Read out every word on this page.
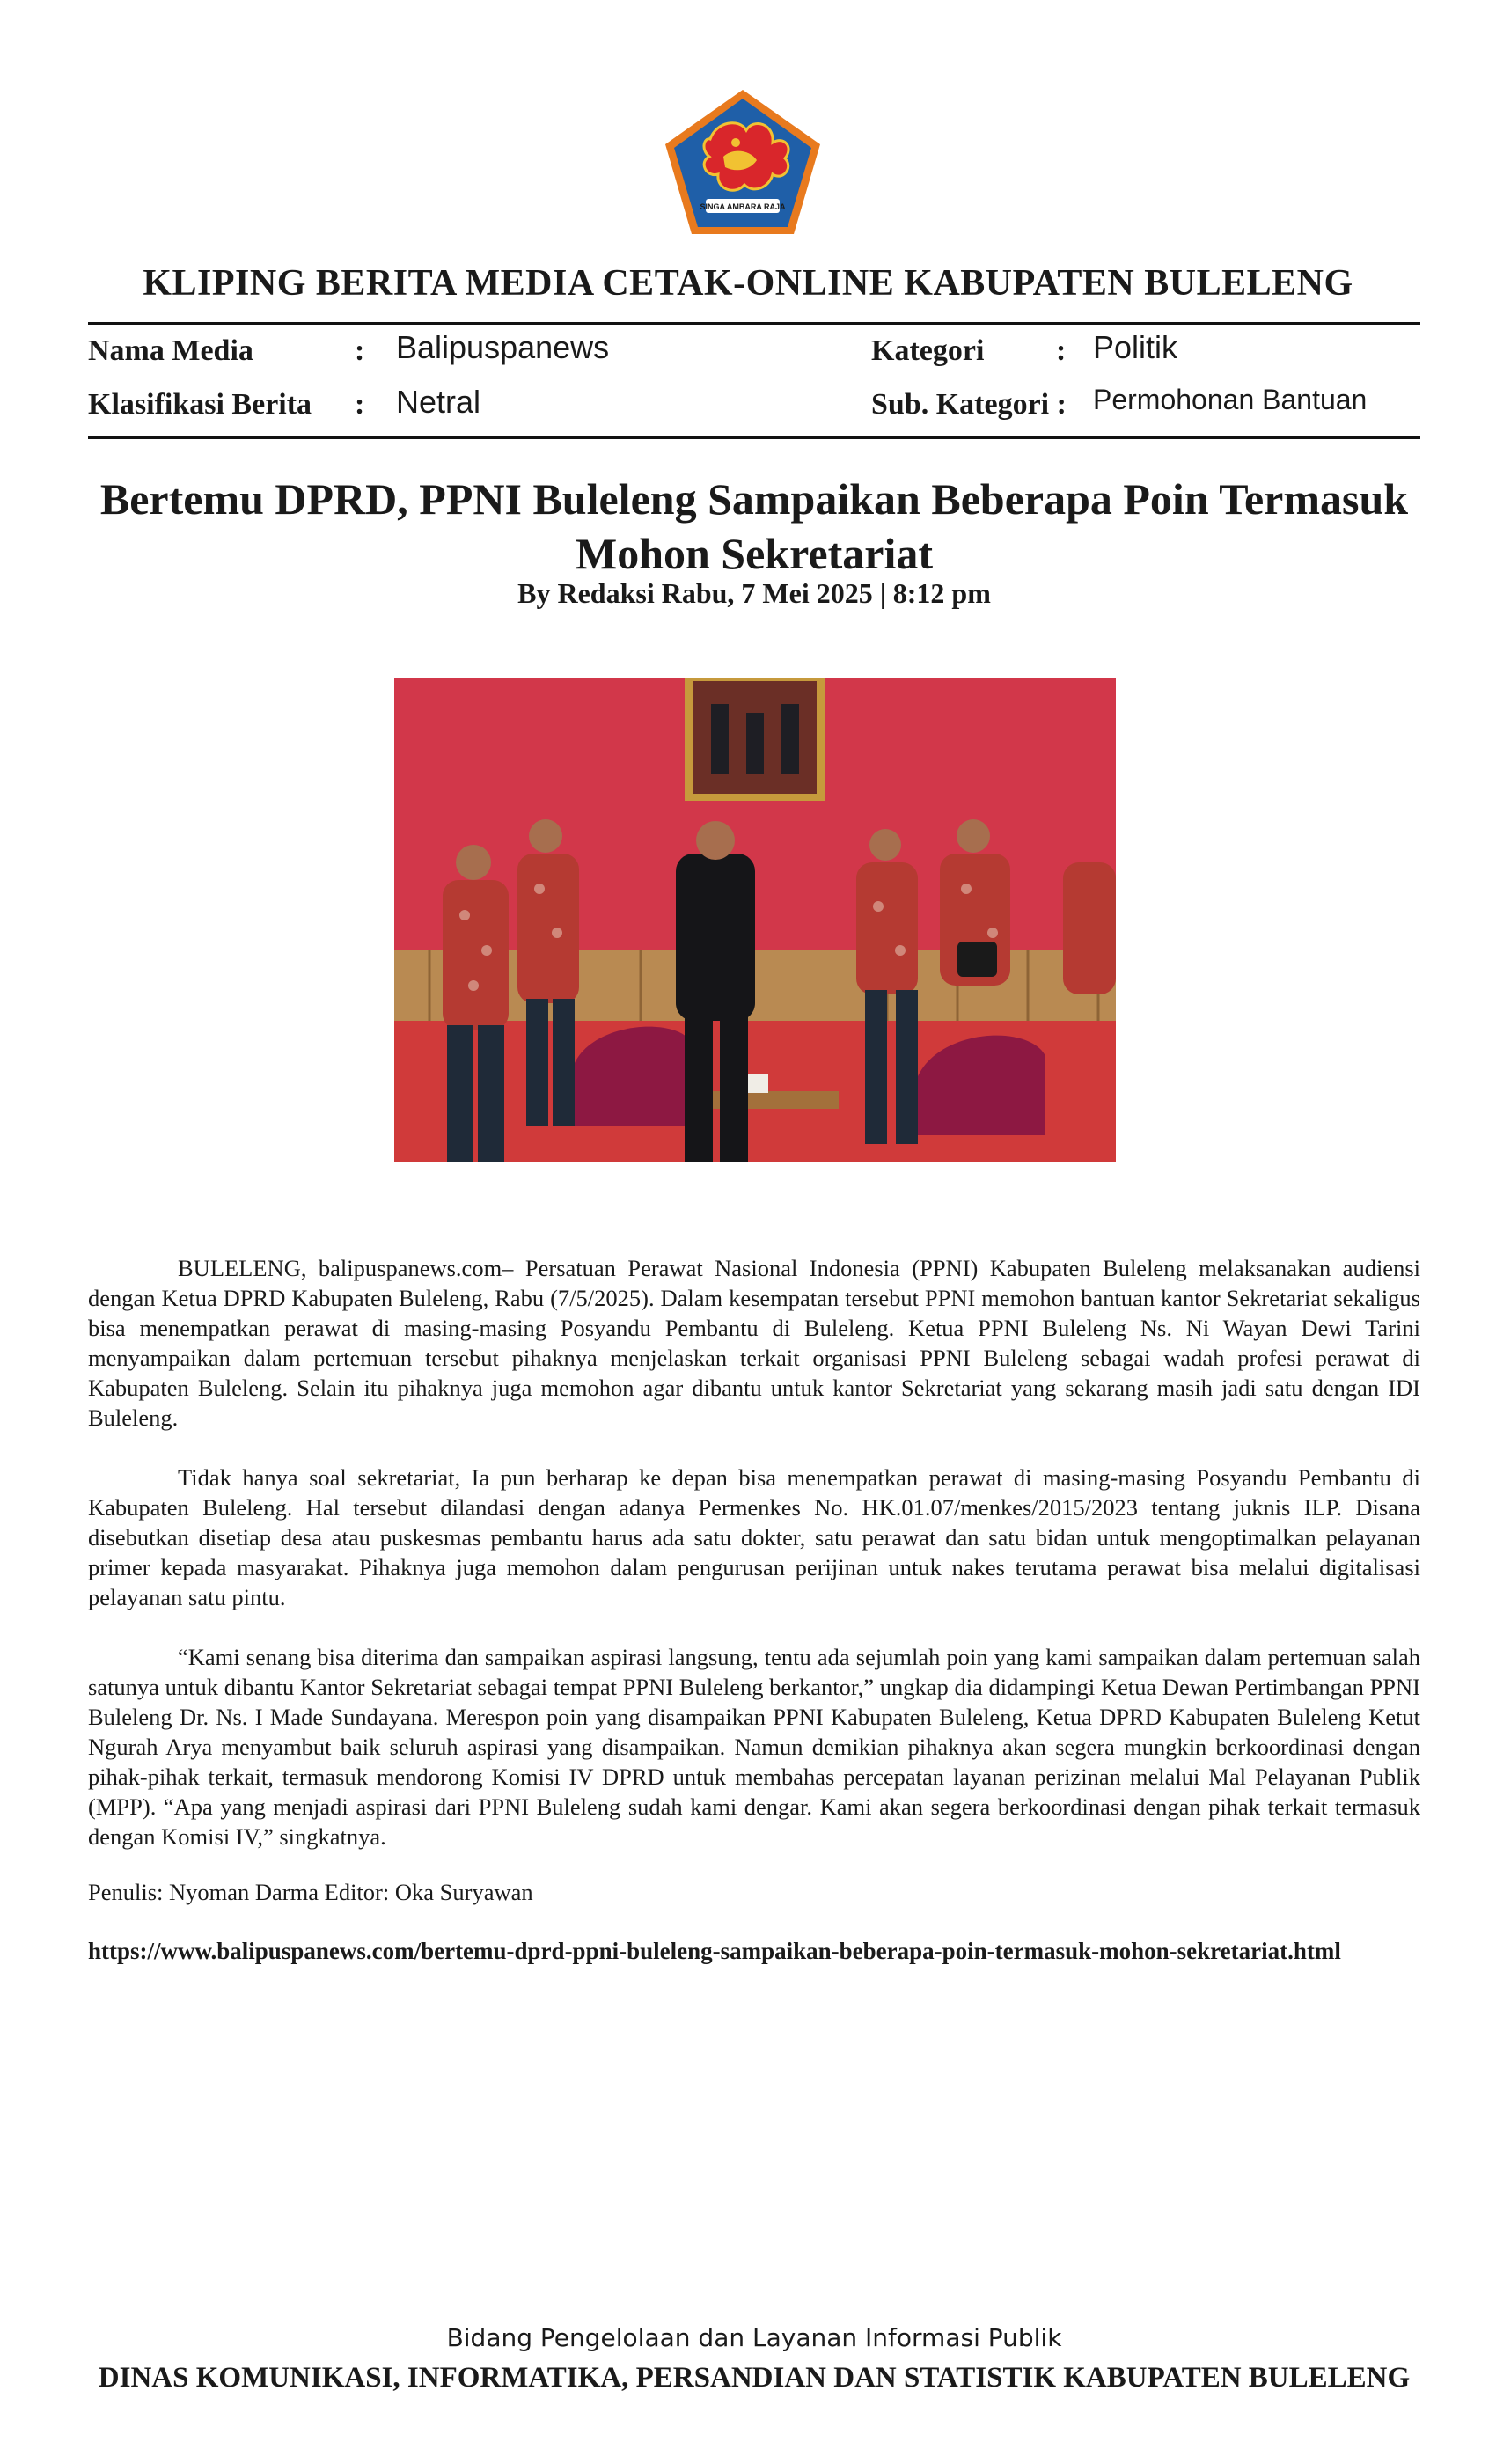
SINGA AMBARA RAJA
KLIPING BERITA MEDIA CETAK-ONLINE KABUPATEN BULELENG
Nama Media	: Balipuspanews
Klasifikasi Berita : Netral
Kategori : Politik
Sub. Kategori : Permohonan Bantuan
Bertemu DPRD, PPNI Buleleng Sampaikan Beberapa Poin Termasuk
Mohon Sekretariat
By Redaksi Rabu, 7 Mei 2025 | 8:12 pm

BULELENG, balipuspanews.com– Persatuan Perawat Nasional Indonesia (PPNI) Kabupaten Buleleng melaksanakan audiensi dengan Ketua DPRD Kabupaten Buleleng, Rabu (7/5/2025). Dalam kesempatan tersebut PPNI memohon bantuan kantor Sekretariat sekaligus bisa menempatkan perawat di masing-masing Posyandu Pembantu di Buleleng. Ketua PPNI Buleleng Ns. Ni Wayan Dewi Tarini menyampaikan dalam pertemuan tersebut pihaknya menjelaskan terkait organisasi PPNI Buleleng sebagai wadah profesi perawat di Kabupaten Buleleng. Selain itu pihaknya juga memohon agar dibantu untuk kantor Sekretariat yang sekarang masih jadi satu dengan IDI Buleleng.

Tidak hanya soal sekretariat, Ia pun berharap ke depan bisa menempatkan perawat di masing-masing Posyandu Pembantu di Kabupaten Buleleng. Hal tersebut dilandasi dengan adanya Permenkes No. HK.01.07/menkes/2015/2023 tentang juknis ILP. Disana disebutkan disetiap desa atau puskesmas pembantu harus ada satu dokter, satu perawat dan satu bidan untuk mengoptimalkan pelayanan primer kepada masyarakat. Pihaknya juga memohon dalam pengurusan perijinan untuk nakes terutama perawat bisa melalui digitalisasi pelayanan satu pintu.

“Kami senang bisa diterima dan sampaikan aspirasi langsung, tentu ada sejumlah poin yang kami sampaikan dalam pertemuan salah satunya untuk dibantu Kantor Sekretariat sebagai tempat PPNI Buleleng berkantor,” ungkap dia didampingi Ketua Dewan Pertimbangan PPNI Buleleng Dr. Ns. I Made Sundayana. Merespon poin yang disampaikan PPNI Kabupaten Buleleng, Ketua DPRD Kabupaten Buleleng Ketut Ngurah Arya menyambut baik seluruh aspirasi yang disampaikan. Namun demikian pihaknya akan segera mungkin berkoordinasi dengan pihak-pihak terkait, termasuk mendorong Komisi IV DPRD untuk membahas percepatan layanan perizinan melalui Mal Pelayanan Publik (MPP). “Apa yang menjadi aspirasi dari PPNI Buleleng sudah kami dengar. Kami akan segera berkoordinasi dengan pihak terkait termasuk dengan Komisi IV,” singkatnya.

Penulis: Nyoman Darma Editor: Oka Suryawan
https://www.balipuspanews.com/bertemu-dprd-ppni-buleleng-sampaikan-beberapa-poin-termasuk-mohon-sekretariat.html
Bidang Pengelolaan dan Layanan Informasi Publik
DINAS KOMUNIKASI, INFORMATIKA, PERSANDIAN DAN STATISTIK KABUPATEN BULELENG
